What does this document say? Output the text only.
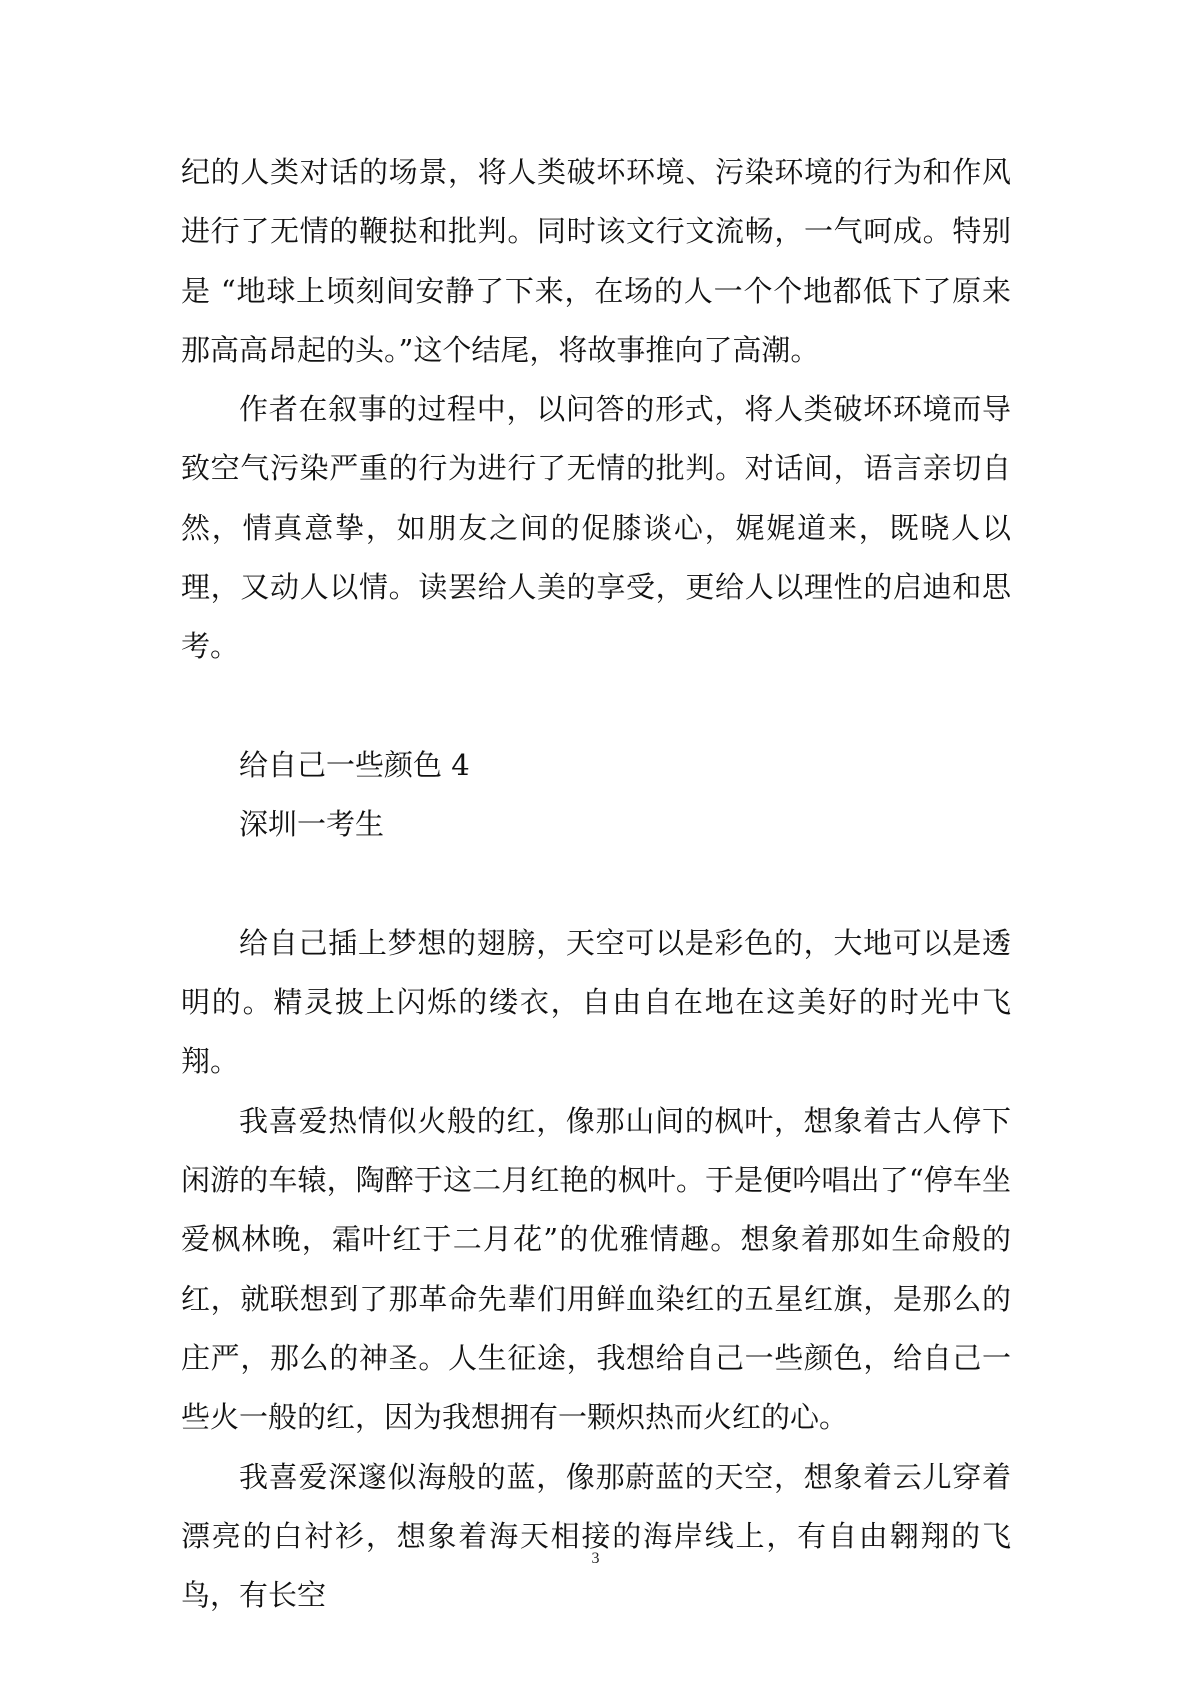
纪的人类对话的场景，将人类破坏环境、污染环境的行为和作风进行了无情的鞭挞和批判。同时该文行文流畅，一气呵成。特别是 “地球上顷刻间安静了下来，在场的人一个个地都低下了原来那高高昂起的头。”这个结尾，将故事推向了高潮。

作者在叙事的过程中，以问答的形式，将人类破坏环境而导致空气污染严重的行为进行了无情的批判。对话间，语言亲切自然，情真意挚，如朋友之间的促膝谈心，娓娓道来，既晓人以理，又动人以情。读罢给人美的享受，更给人以理性的启迪和思考。

给自己一些颜色 4

深圳一考生

给自己插上梦想的翅膀，天空可以是彩色的，大地可以是透明的。精灵披上闪烁的缕衣，自由自在地在这美好的时光中飞翔。

我喜爱热情似火般的红，像那山间的枫叶，想象着古人停下闲游的车辕，陶醉于这二月红艳的枫叶。于是便吟唱出了“停车坐爱枫林晚，霜叶红于二月花”的优雅情趣。想象着那如生命般的红，就联想到了那革命先辈们用鲜血染红的五星红旗，是那么的庄严，那么的神圣。人生征途，我想给自己一些颜色，给自己一些火一般的红，因为我想拥有一颗炽热而火红的心。

我喜爱深邃似海般的蓝，像那蔚蓝的天空，想象着云儿穿着漂亮的白衬衫，想象着海天相接的海岸线上，有自由翱翔的飞鸟，有长空

3
